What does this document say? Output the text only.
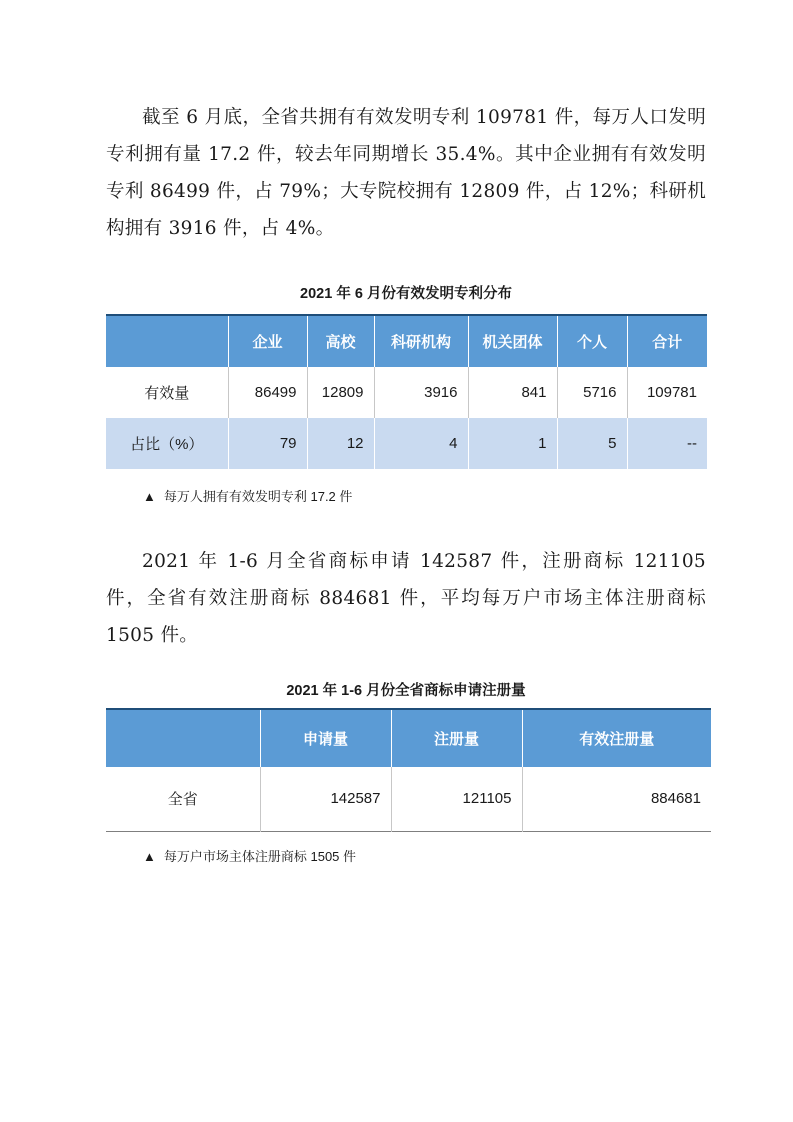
截至 6 月底，全省共拥有有效发明专利 109781 件，每万人口发明专利拥有量 17.2 件，较去年同期增长 35.4%。其中企业拥有有效发明专利 86499 件，占 79%；大专院校拥有 12809 件，占 12%；科研机构拥有 3916 件，占 4%。
2021 年 6 月份有效发明专利分布
	企业	高校	科研机构	机关团体	个人	合计
有效量	86499	12809	3916	841	5716	109781
占比（%）	79	12	4	1	5	--
▲ 每万人拥有有效发明专利 17.2 件
2021 年 1-6 月全省商标申请 142587 件，注册商标 121105 件，全省有效注册商标 884681 件，平均每万户市场主体注册商标 1505 件。
2021 年 1-6 月份全省商标申请注册量
	申请量	注册量	有效注册量
全省	142587	121105	884681
▲ 每万户市场主体注册商标 1505 件
